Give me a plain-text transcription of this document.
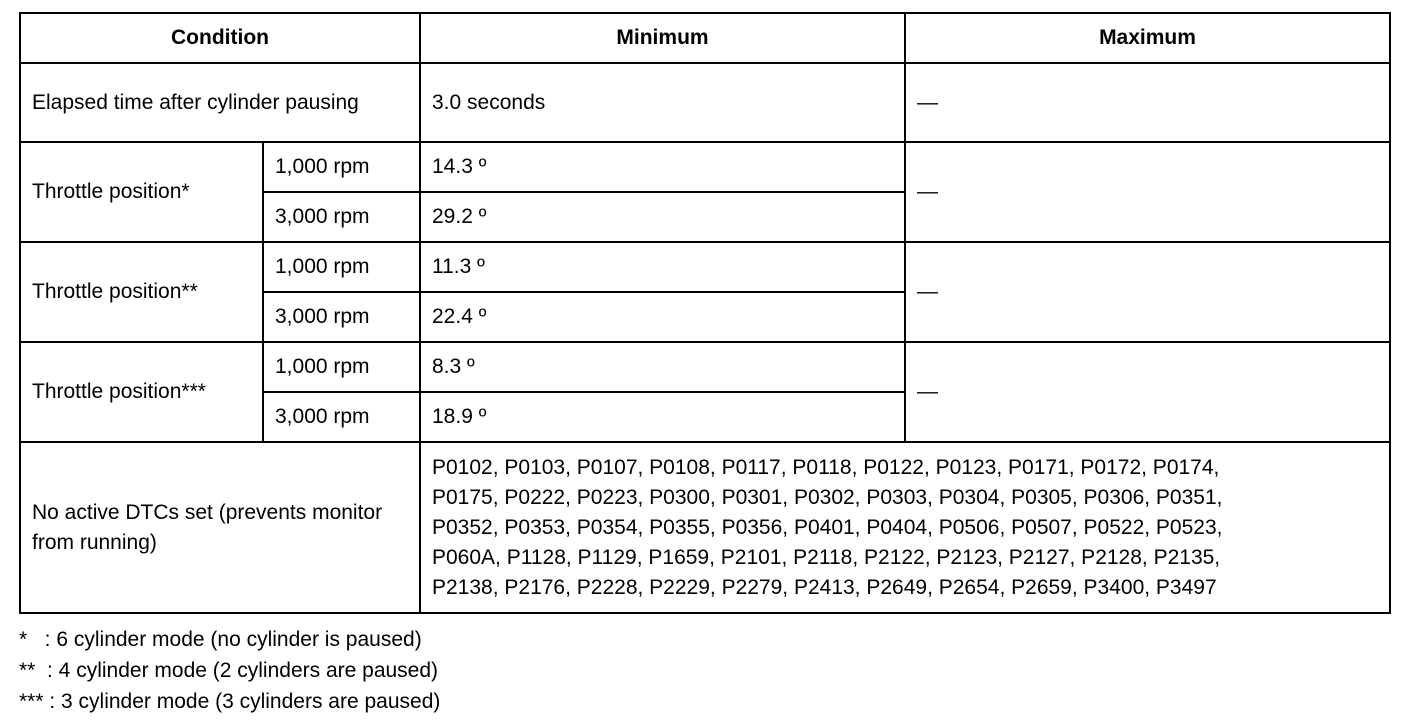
Condition		Minimum	Maximum
Elapsed time after cylinder pausing		3.0 seconds	—
Throttle position*	1,000 rpm	14.3 º	—
	3,000 rpm	29.2 º	
Throttle position**	1,000 rpm	11.3 º	—
	3,000 rpm	22.4 º	
Throttle position***	1,000 rpm	8.3 º	—
	3,000 rpm	18.9 º	
No active DTCs set (prevents monitor from running)		P0102, P0103, P0107, P0108, P0117, P0118, P0122, P0123, P0171, P0172, P0174,
P0175, P0222, P0223, P0300, P0301, P0302, P0303, P0304, P0305, P0306, P0351,
P0352, P0353, P0354, P0355, P0356, P0401, P0404, P0506, P0507, P0522, P0523,
P060A, P1128, P1129, P1659, P2101, P2118, P2122, P2123, P2127, P2128, P2135,
P2138, P2176, P2228, P2229, P2279, P2413, P2649, P2654, P2659, P3400, P3497	
*   : 6 cylinder mode (no cylinder is paused)
**  : 4 cylinder mode (2 cylinders are paused)
*** : 3 cylinder mode (3 cylinders are paused)
